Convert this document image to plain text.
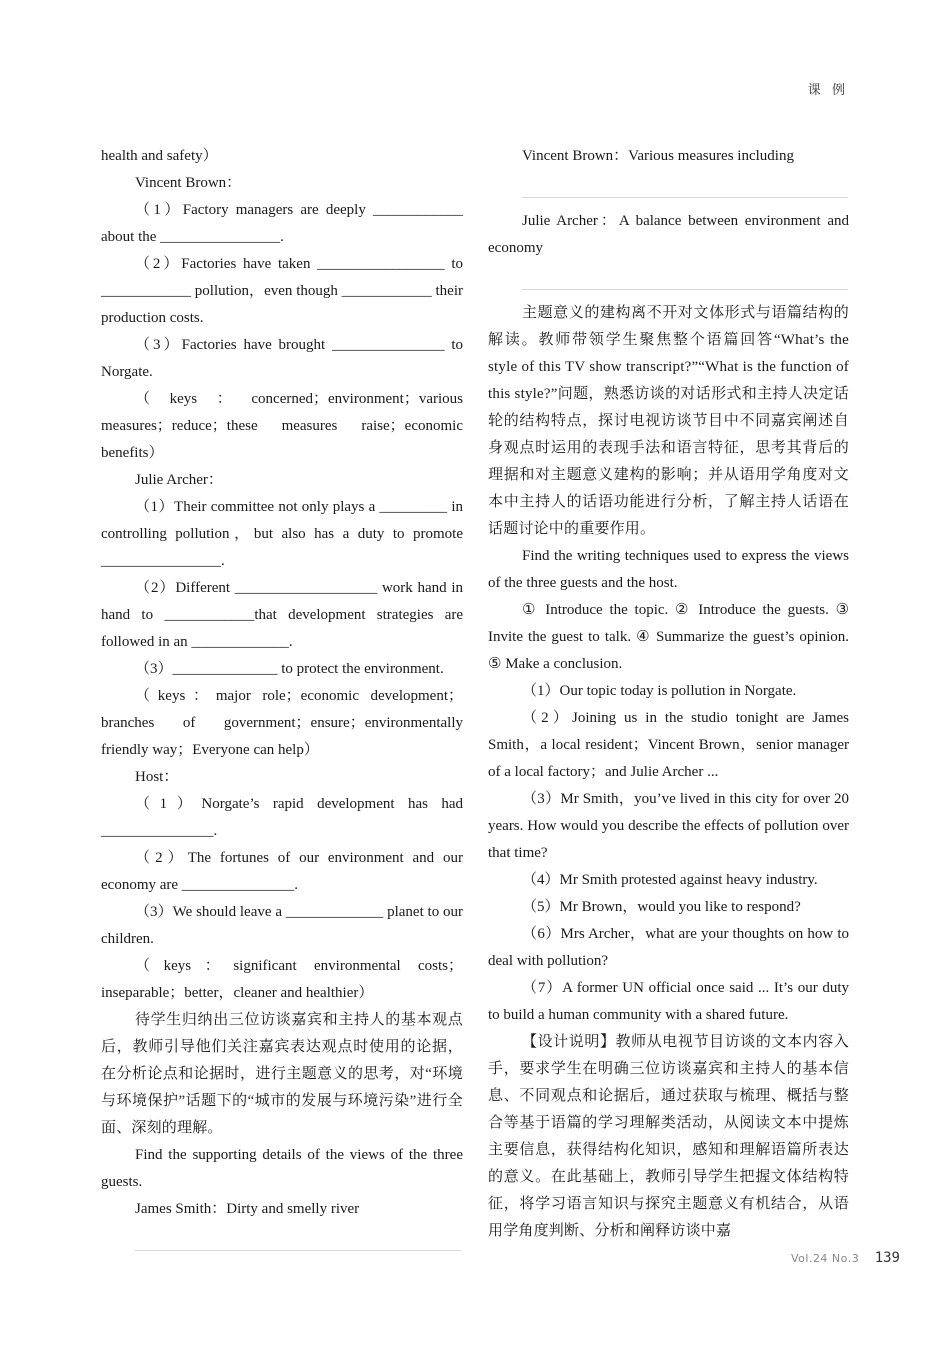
课 例

health and safety）

Vincent Brown：

（1）Factory managers are deeply ____________ about the ________________.

（2）Factories have taken _________________ to ____________ pollution，even though ____________ their production costs.

（3）Factories have brought _______________ to Norgate.

（keys：concerned；environment；various measures；reduce；these measures raise；economic benefits）

Julie Archer：

（1）Their committee not only plays a _________ in controlling pollution，but also has a duty to promote ________________.

（2）Different ___________________ work hand in hand to ____________that development strategies are followed in an _____________.

（3）______________ to protect the environment.

（keys：major role；economic development；branches of government；ensure；environmentally friendly way；Everyone can help）

Host：

（1）Norgate’s rapid development has had _______________.

（2）The fortunes of our environment and our economy are _______________.

（3）We should leave a _____________ planet to our children.

（keys：significant environmental costs；inseparable；better，cleaner and healthier）

待学生归纳出三位访谈嘉宾和主持人的基本观点后，教师引导他们关注嘉宾表达观点时使用的论据，在分析论点和论据时，进行主题意义的思考，对“环境与环境保护”话题下的“城市的发展与环境污染”进行全面、深刻的理解。

Find the supporting details of the views of the three guests.

James Smith：Dirty and smelly river

Vincent Brown：Various measures including

Julie Archer：A balance between environment and economy

主题意义的建构离不开对文体形式与语篇结构的解读。教师带领学生聚焦整个语篇回答“What’s the style of this TV show transcript?”“What is the function of this style?”问题，熟悉访谈的对话形式和主持人决定话轮的结构特点，探讨电视访谈节目中不同嘉宾阐述自身观点时运用的表现手法和语言特征，思考其背后的理据和对主题意义建构的影响；并从语用学角度对文本中主持人的话语功能进行分析，了解主持人话语在话题讨论中的重要作用。

Find the writing techniques used to express the views of the three guests and the host.

① Introduce the topic. ② Introduce the guests. ③ Invite the guest to talk. ④ Summarize the guest’s opinion. ⑤ Make a conclusion.

（1）Our topic today is pollution in Norgate.

（2）Joining us in the studio tonight are James Smith，a local resident；Vincent Brown，senior manager of a local factory；and Julie Archer ...

（3）Mr Smith，you’ve lived in this city for over 20 years. How would you describe the effects of pollution over that time?

（4）Mr Smith protested against heavy industry.

（5）Mr Brown，would you like to respond?

（6）Mrs Archer，what are your thoughts on how to deal with pollution?

（7）A former UN official once said ... It’s our duty to build a human community with a shared future.

【设计说明】教师从电视节目访谈的文本内容入手，要求学生在明确三位访谈嘉宾和主持人的基本信息、不同观点和论据后，通过获取与梳理、概括与整合等基于语篇的学习理解类活动，从阅读文本中提炼主要信息，获得结构化知识，感知和理解语篇所表达的意义。在此基础上，教师引导学生把握文体结构特征，将学习语言知识与探究主题意义有机结合，从语用学角度判断、分析和阐释访谈中嘉

Vol.24 No.3 139
